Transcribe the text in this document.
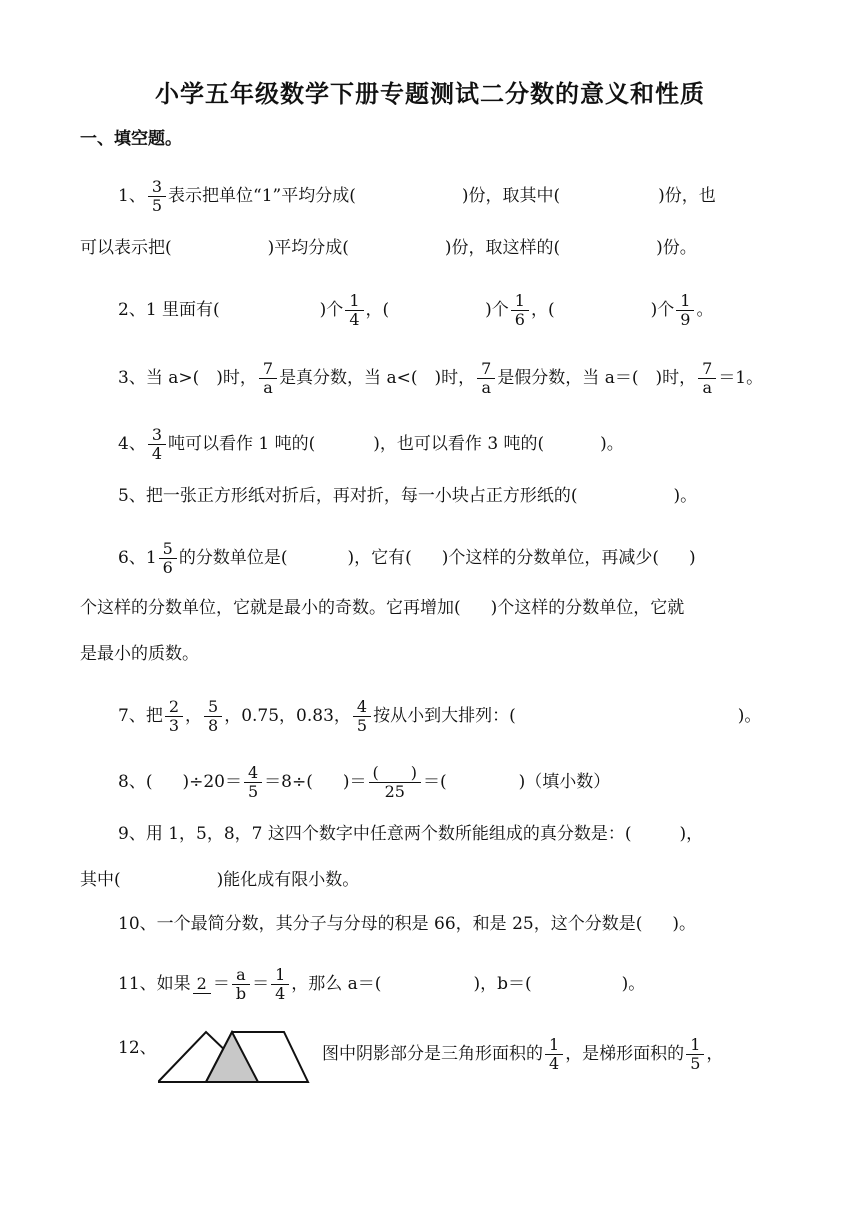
小学五年级数学下册专题测试二分数的意义和性质
一、填空题。
1、 $\frac{3}{5}$ 表示把单位“1”平均分成(	)份，取其中(	)份，也
可以表示把(	)平均分成(	)份，取这样的(	)份。
2、1 里面有(	)个 $\frac{1}{4}$ ，(	)个 $\frac{1}{6}$ ，(	)个 $\frac{1}{9}$ 。
3、当 a>(　)时， $\frac{7}{a}$ 是真分数，当 a<(　)时， $\frac{7}{a}$ 是假分数，当 a＝(　)时， $\frac{7}{a} =1$。
4、 $\frac{3}{4}$ 吨可以看作 1 吨的(	)，也可以看作 3 吨的(	)。
5、把一张正方形纸对折后，再对折，每一小块占正方形纸的(	)。
6、$1 \frac{5}{6}$ 的分数单位是(	)，它有( )个这样的分数单位，再减少( )
个这样的分数单位，它就是最小的奇数。它再增加( )个这样的分数单位，它就
是最小的质数。
7、把 $\frac{2}{3}$ ， $\frac{5}{8}$ ，0.75，0.83， $\frac{4}{5}$ 按从小到大排列：(	)。
8、( )$\div 20= \frac{4}{5} =8\div$( )＝ $\frac{( )}{25}$ ＝(	)（填小数）
9、用 1，5，8，7 这四个数字中任意两个数所能组成的真分数是：(	)，
其中(	)能化成有限小数。
10、一个最简分数，其分子与分母的积是 66，和是 25，这个分数是( )。
11、如果 $2 = \frac{a}{b} = \frac{1}{4}$ ，那么 a＝(	)，b＝(	)。
12、	图中阴影部分是三角形面积的 $\frac{1}{4}$ ，是梯形面积的 $\frac{1}{5}$ ，
